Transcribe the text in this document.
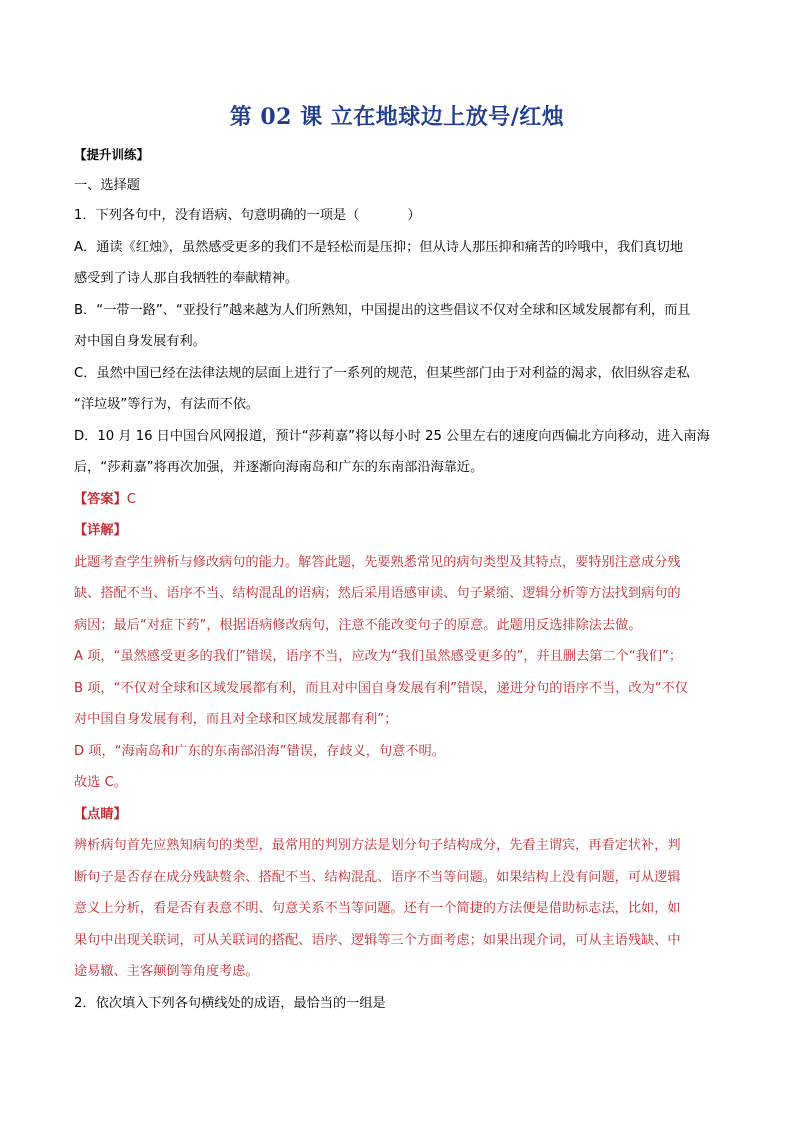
第 02 课 立在地球边上放号/红烛
【提升训练】
一、选择题
1．下列各句中，没有语病、句意明确的一项是（	）
A．通读《红烛》，虽然感受更多的我们不是轻松而是压抑；但从诗人那压抑和痛苦的吟哦中，我们真切地
感受到了诗人那自我牺牲的奉献精神。
B．“一带一路”、“亚投行”越来越为人们所熟知，中国提出的这些倡议不仅对全球和区域发展都有利，而且
对中国自身发展有利。
C．虽然中国已经在法律法规的层面上进行了一系列的规范，但某些部门由于对利益的渴求，依旧纵容走私
“洋垃圾”等行为，有法而不依。
D．10 月 16 日中国台风网报道，预计“莎莉嘉”将以每小时 25 公里左右的速度向西偏北方向移动，进入南海
后，“莎莉嘉”将再次加强，并逐渐向海南岛和广东的东南部沿海靠近。
【答案】C
【详解】
此题考查学生辨析与修改病句的能力。解答此题，先要熟悉常见的病句类型及其特点，要特别注意成分残
缺、搭配不当、语序不当、结构混乱的语病；然后采用语感审读、句子紧缩、逻辑分析等方法找到病句的
病因；最后“对症下药”，根据语病修改病句，注意不能改变句子的原意。此题用反选排除法去做。
A 项，“虽然感受更多的我们”错误，语序不当，应改为“我们虽然感受更多的”，并且删去第二个“我们”；
B 项，“不仅对全球和区域发展都有利，而且对中国自身发展有利”错误，递进分句的语序不当，改为“不仅
对中国自身发展有利，而且对全球和区域发展都有利”；
D 项，“海南岛和广东的东南部沿海”错误，存歧义，句意不明。
故选 C。
【点睛】
辨析病句首先应熟知病句的类型，最常用的判别方法是划分句子结构成分，先看主谓宾，再看定状补，判
断句子是否存在成分残缺赘余、搭配不当、结构混乱、语序不当等问题。如果结构上没有问题，可从逻辑
意义上分析，看是否有表意不明、句意关系不当等问题。还有一个简捷的方法便是借助标志法，比如，如
果句中出现关联词，可从关联词的搭配、语序、逻辑等三个方面考虑；如果出现介词，可从主语残缺、中
途易辙、主客颠倒等角度考虑。
2．依次填入下列各句横线处的成语，最恰当的一组是
